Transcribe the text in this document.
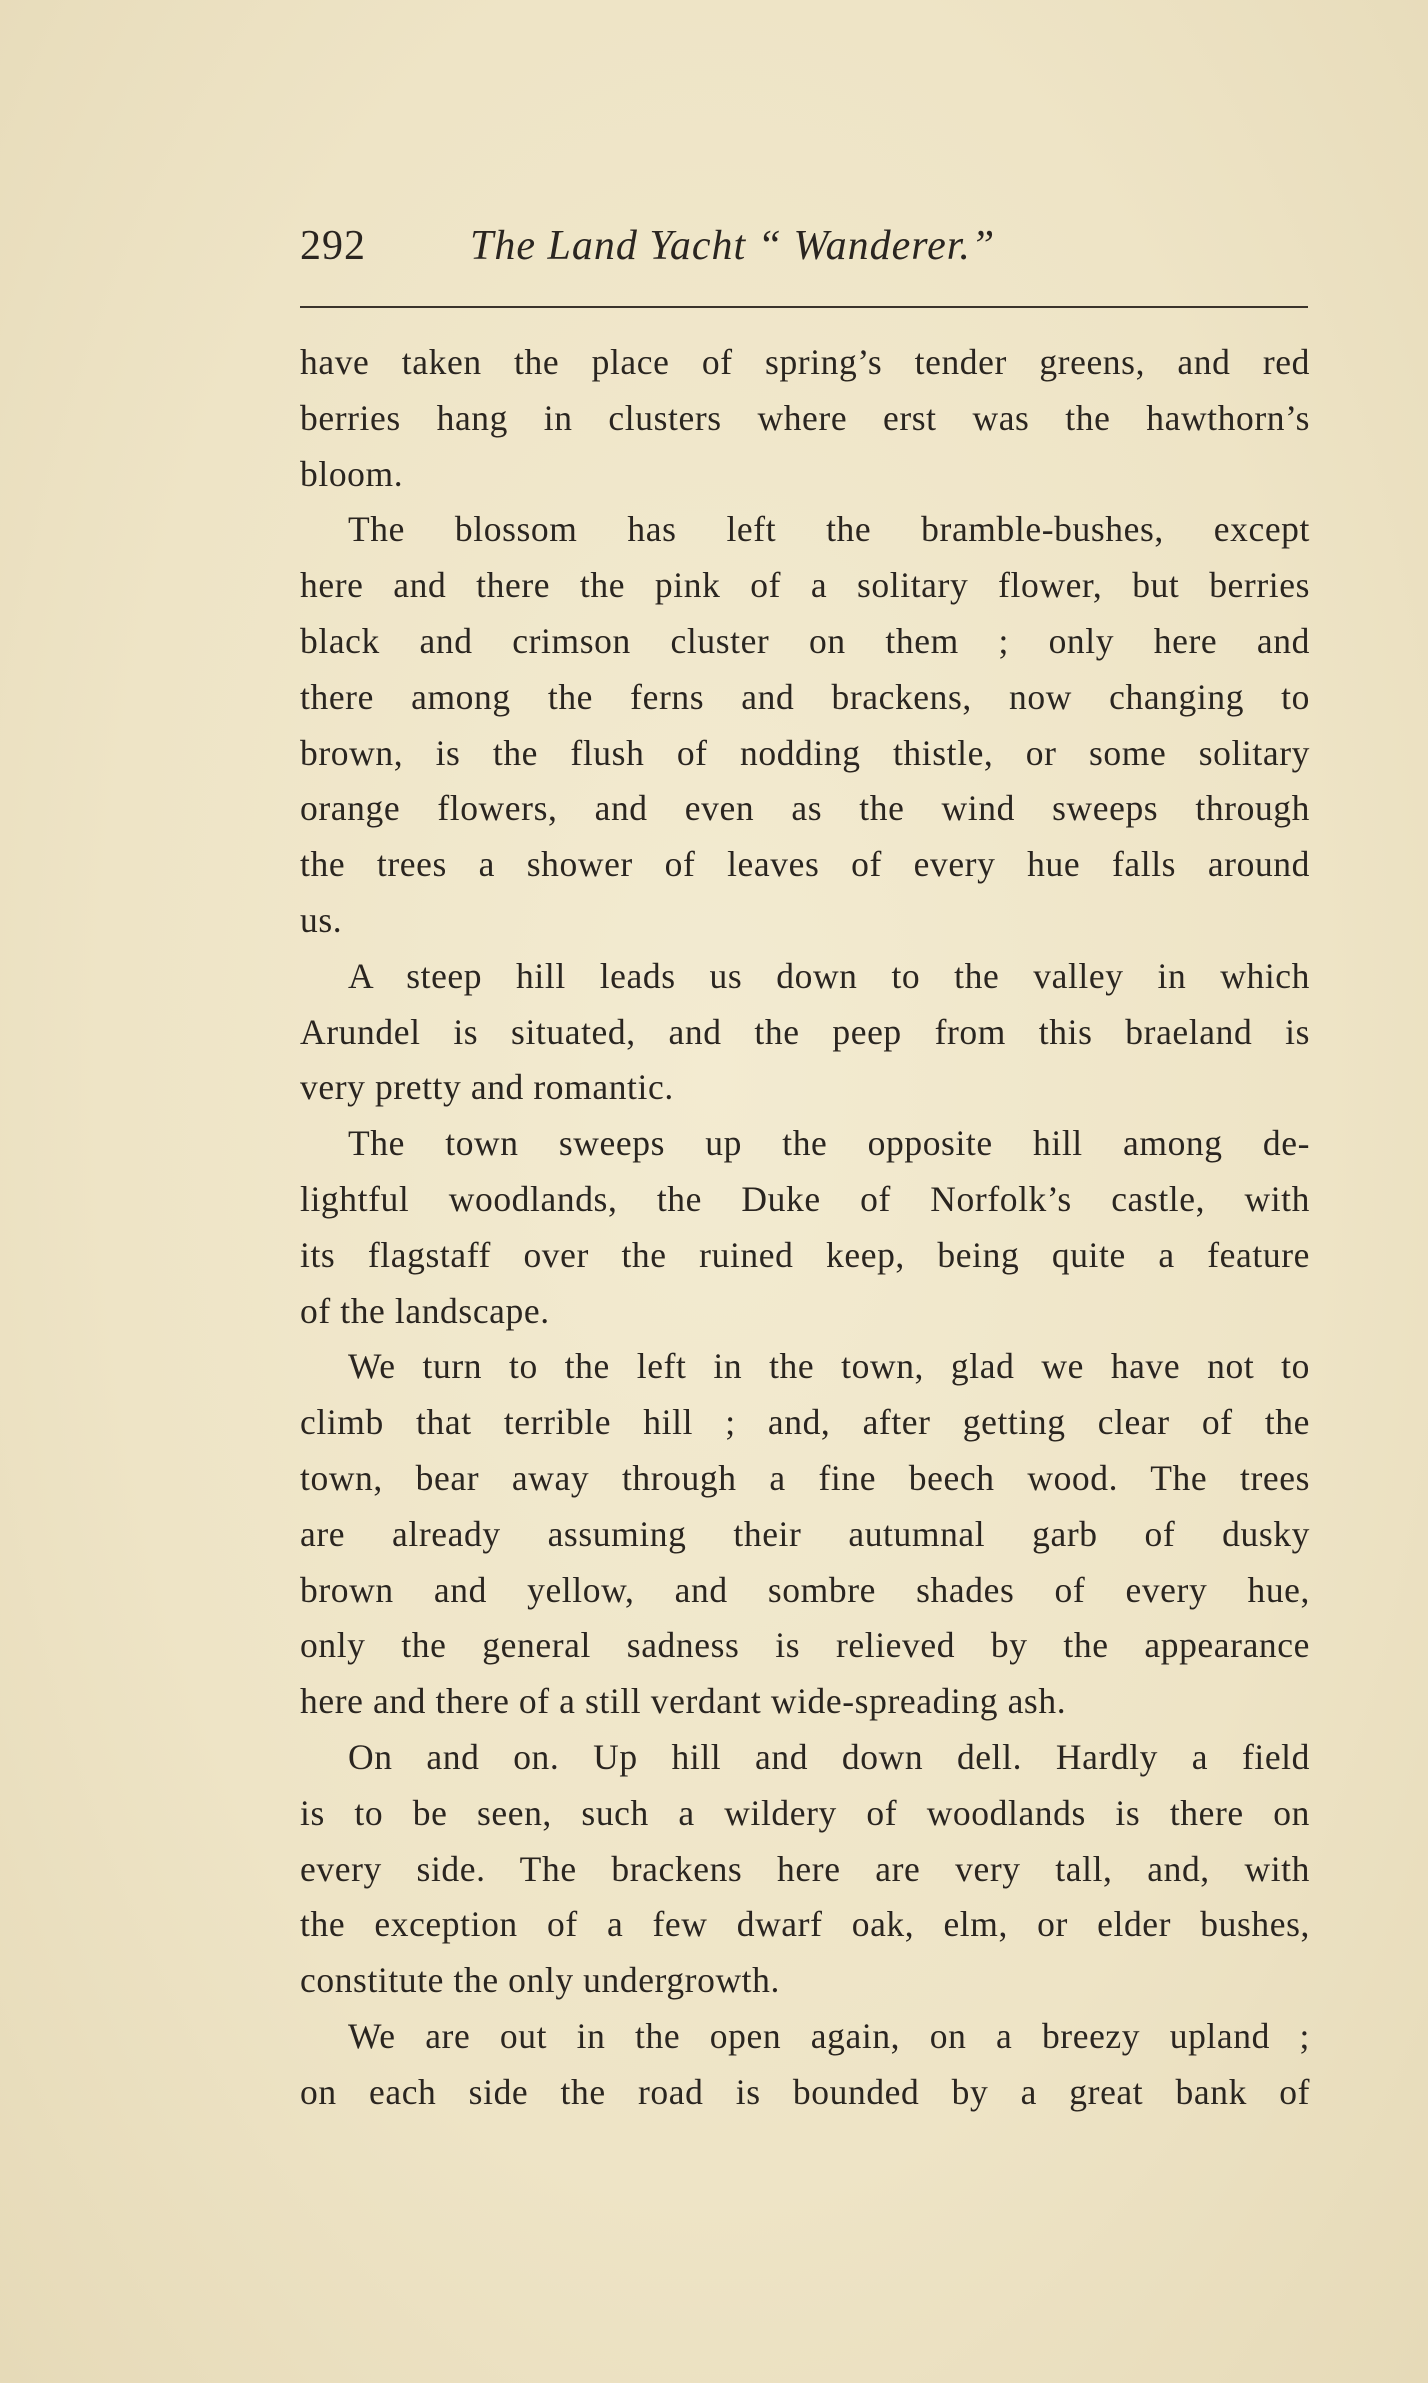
292 The Land Yacht “ Wanderer.”
have taken the place of spring’s tender greens, and red
berries hang in clusters where erst was the hawthorn’s
bloom.
The blossom has left the bramble-bushes, except
here and there the pink of a solitary flower, but berries
black and crimson cluster on them ; only here and
there among the ferns and brackens, now changing to
brown, is the flush of nodding thistle, or some solitary
orange flowers, and even as the wind sweeps through
the trees a shower of leaves of every hue falls around
us.
A steep hill leads us down to the valley in which
Arundel is situated, and the peep from this braeland is
very pretty and romantic.
The town sweeps up the opposite hill among de-
lightful woodlands, the Duke of Norfolk’s castle, with
its flagstaff over the ruined keep, being quite a feature
of the landscape.
We turn to the left in the town, glad we have not to
climb that terrible hill ; and, after getting clear of the
town, bear away through a fine beech wood. The trees
are already assuming their autumnal garb of dusky
brown and yellow, and sombre shades of every hue,
only the general sadness is relieved by the appearance
here and there of a still verdant wide-spreading ash.
On and on. Up hill and down dell. Hardly a field
is to be seen, such a wildery of woodlands is there on
every side. The brackens here are very tall, and, with
the exception of a few dwarf oak, elm, or elder bushes,
constitute the only undergrowth.
We are out in the open again, on a breezy upland ;
on each side the road is bounded by a great bank of
